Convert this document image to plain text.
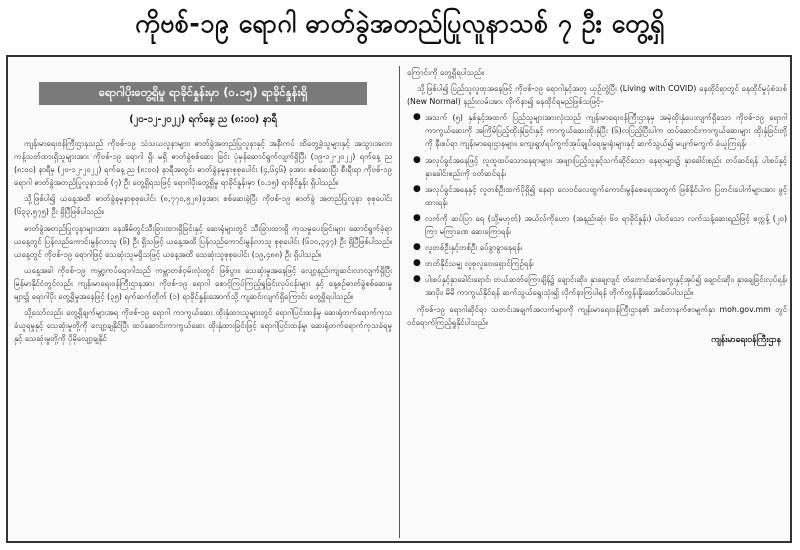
ကိုဗစ်-၁၉ ရောဂါ ဓာတ်ခွဲအတည်ပြုလူနာသစ် ၇ ဦး တွေ့ရှိ
ရောဂါပိုးတွေ့ရှိမှု ရာခိုင်နှုန်းမှာ (၀.၁၅) ရာခိုင်နှုန်းရှိ
(၂၀-၁၂-၂၀၂၂) ရက်နေ့၊ ည (၈:၀၀) နာရီ

ကျန်းမာရေးဝန်ကြီးဌာနသည် ကိုဗစ်-၁၉ သံသယလူနာများ၊ ဓာတ်ခွဲအတည်ပြုလူနာနှင့် အနီးကပ် ထိတွေ့ခဲ့သူများနှင့် အသွားအလာကန့်သတ်ထားရှိသူများအား ကိုဗစ်-၁၉ ရောဂါ ရှိ၊ မရှိ ဓာတ်ခွဲစစ်ဆေး ခြင်း ပုံမှန်ဆောင်ရွက်လျက်ရှိပြီး (၁၉-၁၂-၂၀၂၂) ရက်နေ့ ည (၈:၀၀) နာရီမှ (၂၀-၁၂-၂၀၂၂) ရက်နေ့ ည (၈:၀၀) နာရီအတွင်း ဓာတ်ခွဲနမူနာစုစုပေါင်း (၄,၆၄၆) ခုအား စစ်ဆေးပြီး စီးရီးရာ ကိုဗစ်-၁၉ ရောဂါ ဓာတ်ခွဲအတည်ပြုလူနာသစ် (၇) ဦး တွေ့ရှိရသဖြင့် ရောဂါပိုးတွေ့ရှိမှု ရာခိုင်နှုန်းမှာ (၀.၁၅) ရာခိုင်နှုန်း ရှိပါသည်။

သို့ဖြစ်ပါ၍ ယနေ့အထိ ဓာတ်ခွဲနမူနာစုစုပေါင်း (၈,၇၇၀,၅၂၈)ခုအား စစ်ဆေးခဲ့ပြီး ကိုဗစ်-၁၉ ဓာတ်ခွဲ အတည်ပြုလူနာ စုစုပေါင်း (၆၃၃,၅၇၅) ဦး ရှိပြီဖြစ်ပါသည်။

ဓာတ်ခွဲအတည်ပြုလူနာများအား နေအိမ်တွင်သီးခြားထားရှိခြင်းနှင့် ဆေးရုံများတွင် သီးခြားထားရှိ ကုသမှုပေးခြင်းများ ဆောင်ရွက်ခဲ့ရာ ယနေ့တွင် ပြန်လည်ကောင်းမွန်လာသူ (၆) ဦး ရှိသဖြင့် ယနေ့အထိ ပြန်လည်ကောင်းမွန်လာသူ စုစုပေါင်း (၆၁၀,၃၄၇) ဦး ရှိပြီဖြစ်ပါသည်။ ယနေ့တွင် ကိုဗစ်-၁၉ ရောဂါဖြင့် သေဆုံးသူမရှိသဖြင့် ယနေ့အထိ သေဆုံးသူစုစုပေါင်း (၁၉,၄၈၈) ဦး ရှိပါသည်။

ယနေ့အခါ ကိုဗစ်-၁၉ ကမ္ဘာ့ကပ်ရောဂါသည် ကမ္ဘာတစ်ဝှမ်းလုံးတွင် ဖြစ်ပွား၊ သေဆုံးမှုအနေဖြင့် လျော့နည်းကျဆင်းလာလျက်ရှိပြီး မြန်မာနိုင်ငံတွင်လည်း ကျန်းမာရေးဝန်ကြီးဌာနအား ကိုဗစ်-၁၉ ရောဂါ စောင့်ကြပ်ကြည့်ရှုခြင်းလုပ်ငန်းများ နှင့် နေ့စဉ်ဓာတ်ခွဲစစ်ဆေးမှုများ၌ ရောဂါပိုး တွေ့ရှိမှုအနေဖြင့် (၃၅) ရက်ဆက်တိုက် (၁) ရာခိုင်နှုန်းအောက်သို့ ကျဆင်းလျက်ရှိကြောင်း တွေ့ရှိရပါသည်။

သို့သော်လည်း တွေ့ရှိချက်များအရ ကိုဗစ်-၁၉ ရောဂါ ကာကွယ်ဆေး ထိုးနှံထားသူများတွင် ရောဂါပြင်းထန်မှု ဆေးရုံတက်ရောက်ကုသခံယူရမှုနှင့် သေဆုံးမှုတို့ကို လျော့ချနိုင်ပြီး ထပ်ဆောင်းကာကွယ်ဆေး ထိုးနှံထားခြင်းဖြင့် ရောဂါပြင်းထန်မှု၊ ဆေးရုံတက်ရောက်ကုသခံရမှုနှင့် သေဆုံးမှုတို့ကို ပိုမိုလျော့ချနိုင်

ကြောင်းကို တွေ့ရှိရပါသည်။

သို့ဖြစ်ပါ၍ ပြည်သူလူထုအနေဖြင့် ကိုဗစ်-၁၉ ရောဂါနှင့်အတူ ယှဉ်တွဲပြီး (Living with COVID) နေထိုင်ရာတွင် နေထိုင်မှုပုံစံသစ် (New Normal) နည်းလမ်းအား လိုက်နာ၍ နေထိုင်ရမည်ဖြစ်သဖြင့်-

● အသက် (၅) နှစ်နှင့်အထက် ပြည်သူများအားလုံးသည် ကျန်းမာရေးဝန်ကြီးဌာနမှ အမဲ့ထိုးနှံပေးလျက်ရှိသော ကိုဗစ်-၁၉ ရောဂါ ကာကွယ်ဆေးကို အကြိမ်ပြည့်ထိုးနှံခြင်းနှင့် ကာကွယ်ဆေးထိုးနှံပြီး (၆)လပြည့်ပြီးပါက ထပ်ဆောင်းကာကွယ်ဆေးများ ထိုးနှံခြင်းတို့ကို နီးစပ်ရာ ကျန်းမာရေးဌာနများ၊ ကျေးရွာ/ရပ်ကွက်အုပ်ချုပ်ရေးမှူးရုံးများနှင့် ဆက်သွယ်၍ မပျက်မကွက် ခံယူကြရန်၊
● အလုပ်ခွင်အနေဖြင့် လူထူထပ်သောနေရာများ၊ အဖျားပြည့်သူနှင့်သက်ဆိုင်သော နေရာများ၌ နှာခေါင်းစည်း တပ်ဆင်ရန် ပါးစပ်နှင့်နှာခေါင်းစည်းကို ဝတ်ဆင်ရန်၊
● အလုပ်ခွင်အနေနှင့် လူတစ်ဦးထက်ပိုရှိ၍ နေရာ လေဝင်လေထွက်ကောင်းမွန်စေရေးအတွက် ဖြစ်နိုင်ပါက ပြတင်းပေါက်များအား ဖွင့်ထားရန်၊
● လက်ကို ဆပ်ပြာ ရေ (သို့မဟုတ်) အယ်လ်ကိုဟော (အနည်းဆုံး ၆၀ ရာခိုင်နှုန်း) ပါဝင်သော လက်သန့်ဆေးရည်ဖြင့် စက္ကန့် (၂၀) ကြာ မကြာခဏ ဆေးကြောရန်၊
● လူတစ်ဦးနှင့်တစ်ဦး ခပ်ခွာခွာနေရန်၊
● တတ်နိုင်သမျှ လူစုလူဝေးရှောင်ကြဉ်ရန်၊
● ပါးစပ်နှင့်နှာခေါင်းရောင်၊ တယ်ဆတ်ကြောချိန်၌ ချောင်းဆိုး၊ နှာချေလျင် တံတောင်ဆစ်ကွေးနှင့်အုပ်၍ ချောင်းဆိုး၊ နှာချေခြင်းလုပ်ရန်၊ အာပိုး၊ မိမိ ကာကွယ်နိုင်ရန် ဆက်သွယ်ရွေးသုံး၍ လိုက်နာကြပါရန် တိုက်တွန်းနှိုးဆော်အပ်ပါသည်။

ကိုဗစ်-၁၉ ရောဂါဆိုင်ရာ သတင်းအချက်အလက်များကို ကျန်းမာရေးဝန်ကြီးဌာန၏ အင်တာနက်စာမျက်နှာ moh.gov.mm တွင် ဝင်ရောက်ကြည့်ရှုနိုင်ပါသည်။

ကျန်းမာရေးဝန်ကြီးဌာန
